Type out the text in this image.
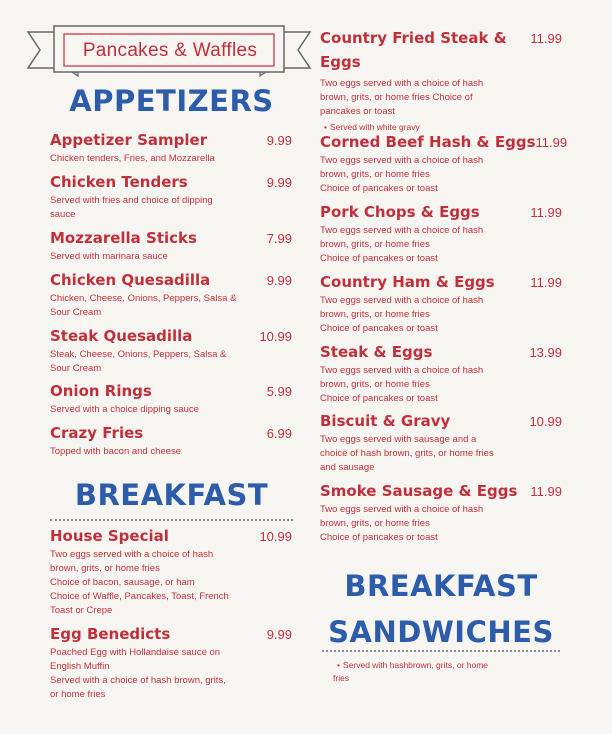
Pancakes & Waffles
APPETIZERS
Appetizer Sampler	9.99
Chicken tenders, Fries, and Mozzarella
Chicken Tenders	9.99
Served with fries and choice of dipping
sauce
Mozzarella Sticks	7.99
Served with marinara sauce
Chicken Quesadilla	9.99
Chicken, Cheese, Onions, Peppers, Salsa &
Sour Cream
Steak Quesadilla	10.99
Steak, Cheese, Onions, Peppers, Salsa &
Sour Cream
Onion Rings	5.99
Served with a choice dipping sauce
Crazy Fries	6.99
Topped with bacon and cheese
BREAKFAST
House Special	10.99
Two eggs served with a choice of hash
brown, grits, or home fries
Choice of bacon, sausage, or ham
Choice of Waffle, Pancakes, Toast, French
Toast or Crepe
Egg Benedicts	9.99
Poached Egg with Hollandaise sauce on
English Muffin
Served with a choice of hash brown, grits,
or home fries
Country Fried Steak &
Eggs
11.99
Two eggs served with a choice of hash
brown, grits, or home fries Choice of
pancakes or toast
• Served with white gravy
Corned Beef Hash & Eggs 11.99
Two eggs served with a choice of hash
brown, grits, or home fries
Choice of pancakes or toast
Pork Chops & Eggs	11.99
Two eggs served with a choice of hash
brown, grits, or home fries
Choice of pancakes or toast
Country Ham & Eggs	11.99
Two eggs served with a choice of hash
brown, grits, or home fries
Choice of pancakes or toast
Steak & Eggs	13.99
Two eggs served with a choice of hash
brown, grits, or home fries
Choice of pancakes or toast
Biscuit & Gravy	10.99
Two eggs served with sausage and a
choice of hash brown, grits, or home fries
and sausage
Smoke Sausage & Eggs 11.99
Two eggs served with a choice of hash
brown, grits, or home fries
Choice of pancakes or toast
BREAKFAST
SANDWICHES
• Served with hashbrown, grits, or home
fries
